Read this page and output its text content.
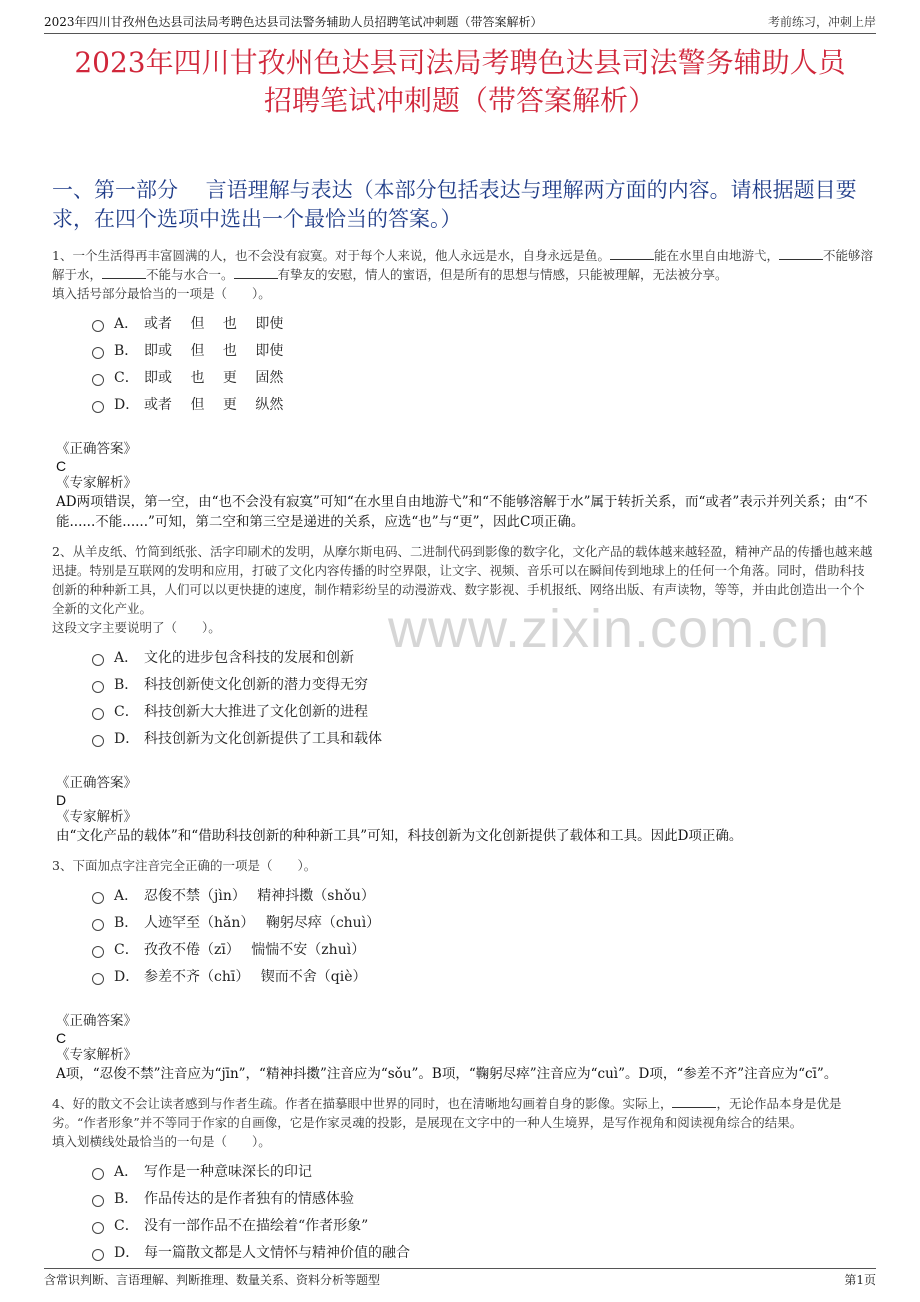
2023年四川甘孜州色达县司法局考聘色达县司法警务辅助人员招聘笔试冲刺题（带答案解析）	考前练习，冲刺上岸
2023年四川甘孜州色达县司法局考聘色达县司法警务辅助人员
招聘笔试冲刺题（带答案解析）
一、第一部分　 言语理解与表达（本部分包括表达与理解两方面的内容。请根据题目要求，在四个选项中选出一个最恰当的答案。）
www.zixin.com.cn
1、一个生活得再丰富圆满的人，也不会没有寂寞。对于每个人来说，他人永远是水，自身永远是鱼。	能在水里自由地游弋，	不能够溶解于水，	不能与水合一。	有挚友的安慰，情人的蜜语，但是所有的思想与情感，只能被理解，无法被分享。
填入括号部分最恰当的一项是（　　）。
A． 或者　 但　 也　 即使
B． 即或　 但　 也　 即使
C． 即或　 也　 更　 固然
D． 或者　 但　 更　 纵然
《正确答案》
C
《专家解析》
AD两项错误，第一空，由“也不会没有寂寞”可知“在水里自由地游弋”和“不能够溶解于水”属于转折关系，而“或者”表示并列关系；由“不能......不能......”可知，第二空和第三空是递进的关系，应选“也”与“更”，因此C项正确。
2、从羊皮纸、竹简到纸张、活字印刷术的发明，从摩尔斯电码、二进制代码到影像的数字化，文化产品的载体越来越轻盈，精神产品的传播也越来越迅捷。特别是互联网的发明和应用，打破了文化内容传播的时空界限，让文字、视频、音乐可以在瞬间传到地球上的任何一个角落。同时，借助科技创新的种种新工具，人们可以以更快捷的速度，制作精彩纷呈的动漫游戏、数字影视、手机报纸、网络出版、有声读物，等等，并由此创造出一个个全新的文化产业。
这段文字主要说明了（　　）。
A． 文化的进步包含科技的发展和创新
B． 科技创新使文化创新的潜力变得无穷
C． 科技创新大大推进了文化创新的进程
D． 科技创新为文化创新提供了工具和载体
《正确答案》
D
《专家解析》
由“文化产品的载体”和“借助科技创新的种种新工具”可知，科技创新为文化创新提供了载体和工具。因此D项正确。
3、下面加点字注音完全正确的一项是（　　）。
A． 忍俊不禁（jìn）　 精神抖擞（shǒu）
B． 人迹罕至（hǎn）　 鞠躬尽瘁（chuì）
C． 孜孜不倦（zī）　 惴惴不安（zhuì）
D． 参差不齐（chī）　 锲而不舍（qiè）
《正确答案》
C
《专家解析》
A项，“忍俊不禁”注音应为“jīn”，“精神抖擞”注音应为“sǒu”。B项，“鞠躬尽瘁”注音应为“cuì”。D项，“参差不齐”注音应为“cī”。
4、好的散文不会让读者感到与作者生疏。作者在描摹眼中世界的同时，也在清晰地勾画着自身的影像。实际上，	，无论作品本身是优是劣。“作者形象”并不等同于作家的自画像，它是作家灵魂的投影，是展现在文字中的一种人生境界，是写作视角和阅读视角综合的结果。
填入划横线处最恰当的一句是（　　）。
A． 写作是一种意味深长的印记
B． 作品传达的是作者独有的情感体验
C． 没有一部作品不在描绘着“作者形象”
D． 每一篇散文都是人文情怀与精神价值的融合
含常识判断、言语理解、判断推理、数量关系、资料分析等题型	第1页
